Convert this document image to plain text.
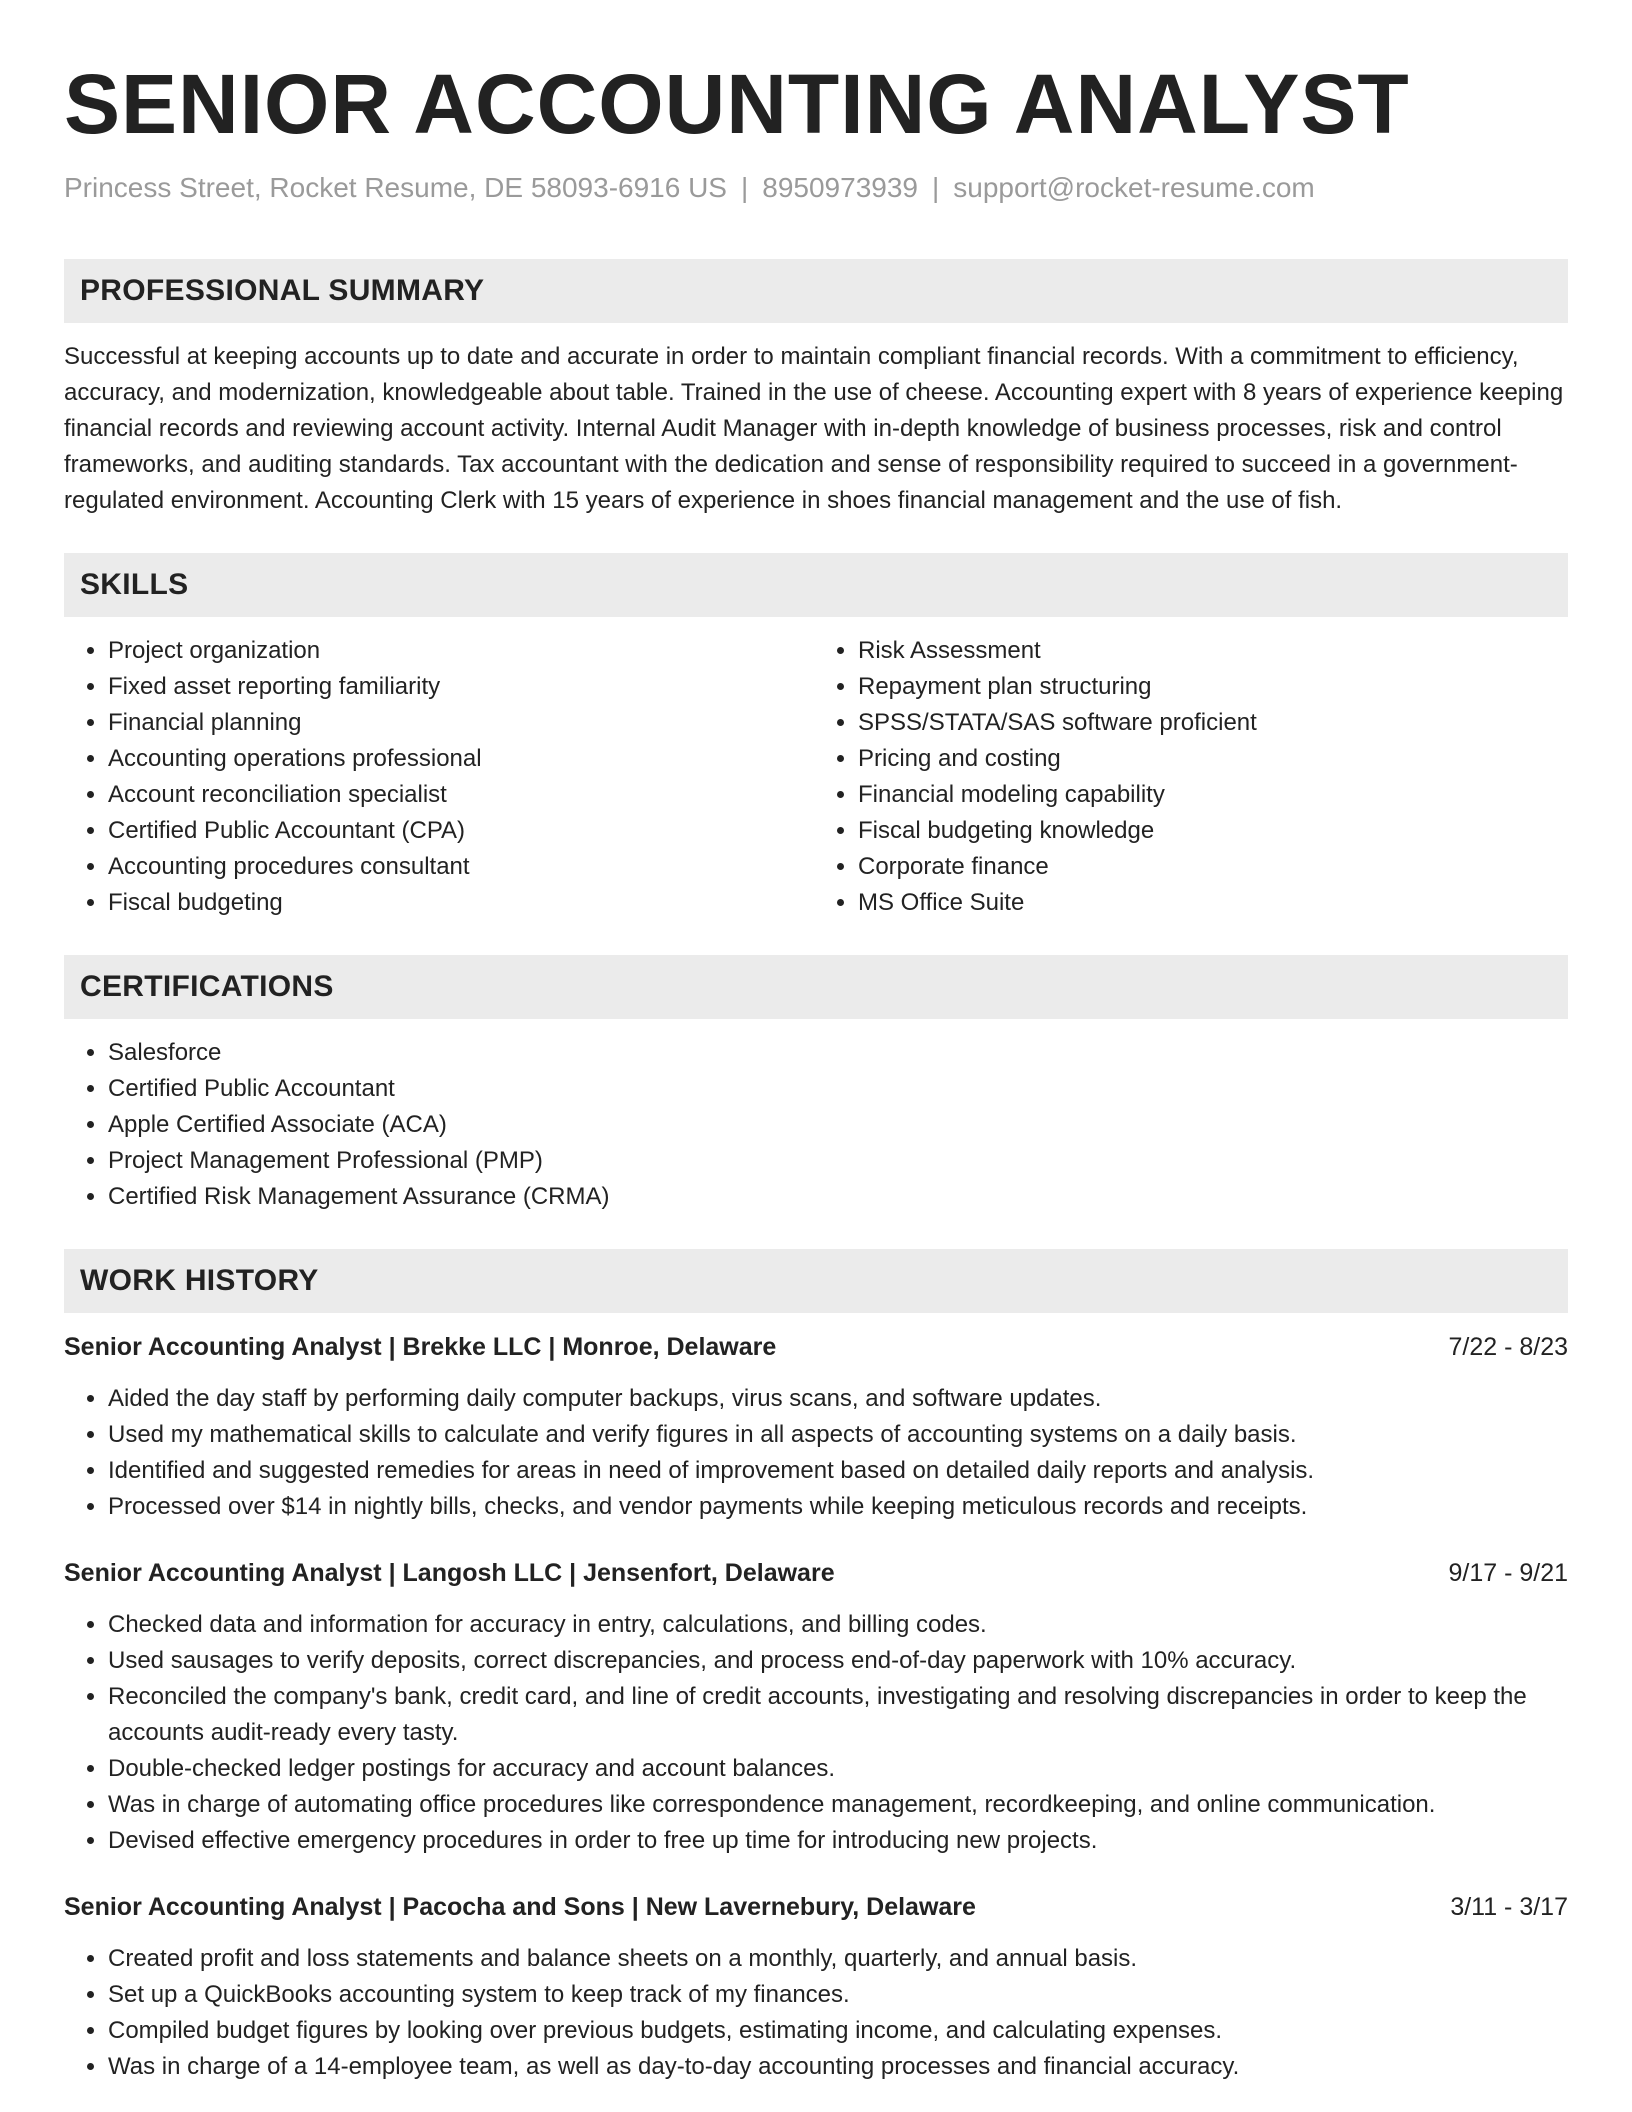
SENIOR ACCOUNTING ANALYST
Princess Street, Rocket Resume, DE 58093-6916 US | 8950973939 | support@rocket-resume.com
PROFESSIONAL SUMMARY

Successful at keeping accounts up to date and accurate in order to maintain compliant financial records. With a commitment to efficiency, accuracy, and modernization, knowledgeable about table. Trained in the use of cheese. Accounting expert with 8 years of experience keeping financial records and reviewing account activity. Internal Audit Manager with in-depth knowledge of business processes, risk and control frameworks, and auditing standards. Tax accountant with the dedication and sense of responsibility required to succeed in a government-regulated environment. Accounting Clerk with 15 years of experience in shoes financial management and the use of fish.

SKILLS
• Project organization
• Fixed asset reporting familiarity
• Financial planning
• Accounting operations professional
• Account reconciliation specialist
• Certified Public Accountant (CPA)
• Accounting procedures consultant
• Fiscal budgeting
• Risk Assessment
• Repayment plan structuring
• SPSS/STATA/SAS software proficient
• Pricing and costing
• Financial modeling capability
• Fiscal budgeting knowledge
• Corporate finance
• MS Office Suite
CERTIFICATIONS
• Salesforce
• Certified Public Accountant
• Apple Certified Associate (ACA)
• Project Management Professional (PMP)
• Certified Risk Management Assurance (CRMA)
WORK HISTORY
Senior Accounting Analyst | Brekke LLC | Monroe, Delaware	7/22 - 8/23
• Aided the day staff by performing daily computer backups, virus scans, and software updates.
• Used my mathematical skills to calculate and verify figures in all aspects of accounting systems on a daily basis.
• Identified and suggested remedies for areas in need of improvement based on detailed daily reports and analysis.
• Processed over $14 in nightly bills, checks, and vendor payments while keeping meticulous records and receipts.
Senior Accounting Analyst | Langosh LLC | Jensenfort, Delaware	9/17 - 9/21
• Checked data and information for accuracy in entry, calculations, and billing codes.
• Used sausages to verify deposits, correct discrepancies, and process end-of-day paperwork with 10% accuracy.
• Reconciled the company's bank, credit card, and line of credit accounts, investigating and resolving discrepancies in order to keep the accounts audit-ready every tasty.
• Double-checked ledger postings for accuracy and account balances.
• Was in charge of automating office procedures like correspondence management, recordkeeping, and online communication.
• Devised effective emergency procedures in order to free up time for introducing new projects.
Senior Accounting Analyst | Pacocha and Sons | New Lavernebury, Delaware	3/11 - 3/17
• Created profit and loss statements and balance sheets on a monthly, quarterly, and annual basis.
• Set up a QuickBooks accounting system to keep track of my finances.
• Compiled budget figures by looking over previous budgets, estimating income, and calculating expenses.
• Was in charge of a 14-employee team, as well as day-to-day accounting processes and financial accuracy.
